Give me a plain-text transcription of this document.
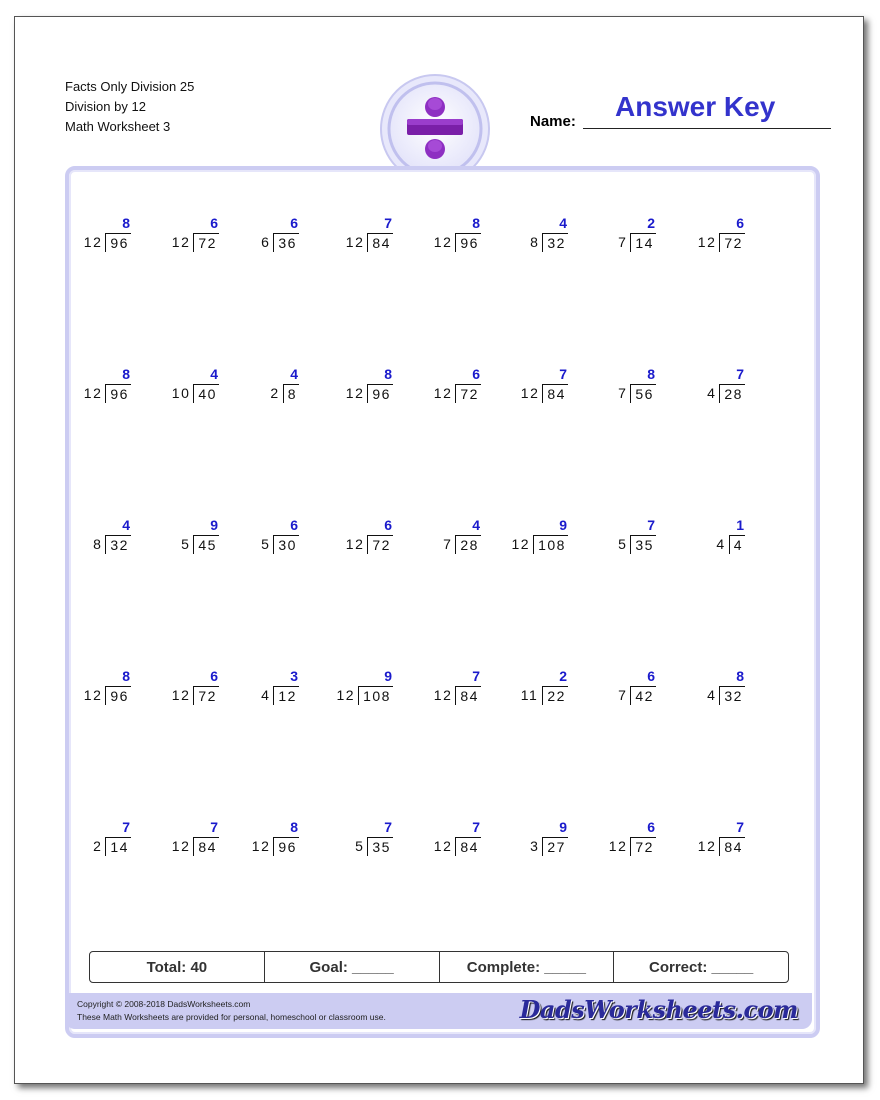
Facts Only Division 25
Division by 12
Math Worksheet 3	Name: Answer Key
8
12 96
6
12 72
6
6 36
7
12 84
8
12 96
4
8 32
2
7 14
6
12 72
8
12 96
4
10 40
4
2 8
8
12 96
6
12 72
7
12 84
8
7 56
7
4 28
4
8 32
9
5 45
6
5 30
6
12 72
4
7 28
9
12 108
7
5 35
1
4 4
8
12 96
6
12 72
3
4 12
9
12 108
7
12 84
2
11 22
6
7 42
8
4 32
7
2 14
7
12 84
8
12 96
7
5 35
7
12 84
9
3 27
6
12 72
7
12 84
Total: 40	Goal: _____	Complete: _____	Correct: _____
Copyright © 2008-2018 DadsWorksheets.com
These Math Worksheets are provided for personal, homeschool or classroom use.	DadsWorksheets.com
